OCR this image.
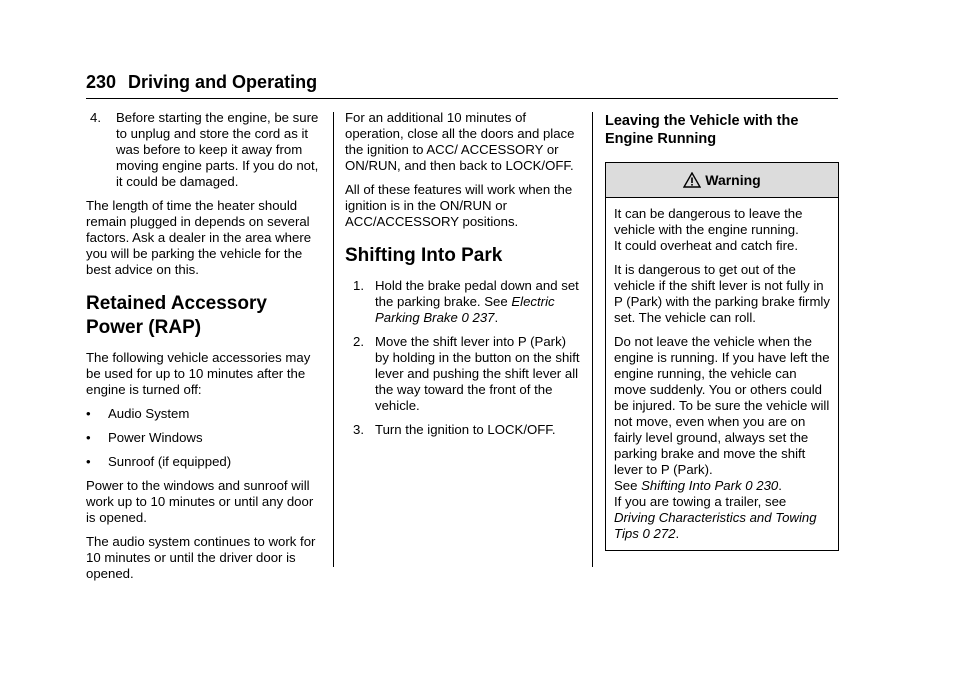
230 Driving and Operating
4. Before starting the engine, be sure to unplug and store the cord as it was before to keep it away from moving engine parts. If you do not, it could be damaged.

The length of time the heater should remain plugged in depends on several factors. Ask a dealer in the area where you will be parking the vehicle for the best advice on this.

Retained Accessory Power (RAP)

The following vehicle accessories may be used for up to 10 minutes after the engine is turned off:

• Audio System
• Power Windows
• Sunroof (if equipped)

Power to the windows and sunroof will work up to 10 minutes or until any door is opened.

The audio system continues to work for 10 minutes or until the driver door is opened.

For an additional 10 minutes of operation, close all the doors and place the ignition to ACC/ ACCESSORY or ON/RUN, and then back to LOCK/OFF.

All of these features will work when the ignition is in the ON/RUN or ACC/ACCESSORY positions.

Shifting Into Park
1. Hold the brake pedal down and set the parking brake. See Electric Parking Brake 0 237.
2. Move the shift lever into P (Park) by holding in the button on the shift lever and pushing the shift lever all the way toward the front of the vehicle.
3. Turn the ignition to LOCK/OFF.
Leaving the Vehicle with the Engine Running
Warning

It can be dangerous to leave the vehicle with the engine running.
It could overheat and catch fire.

It is dangerous to get out of the vehicle if the shift lever is not fully in P (Park) with the parking brake firmly set. The vehicle can roll.

Do not leave the vehicle when the engine is running. If you have left the engine running, the vehicle can move suddenly. You or others could be injured. To be sure the vehicle will not move, even when you are on fairly level ground, always set the parking brake and move the shift lever to P (Park).
See Shifting Into Park 0 230.
If you are towing a trailer, see
Driving Characteristics and Towing Tips 0 272.
